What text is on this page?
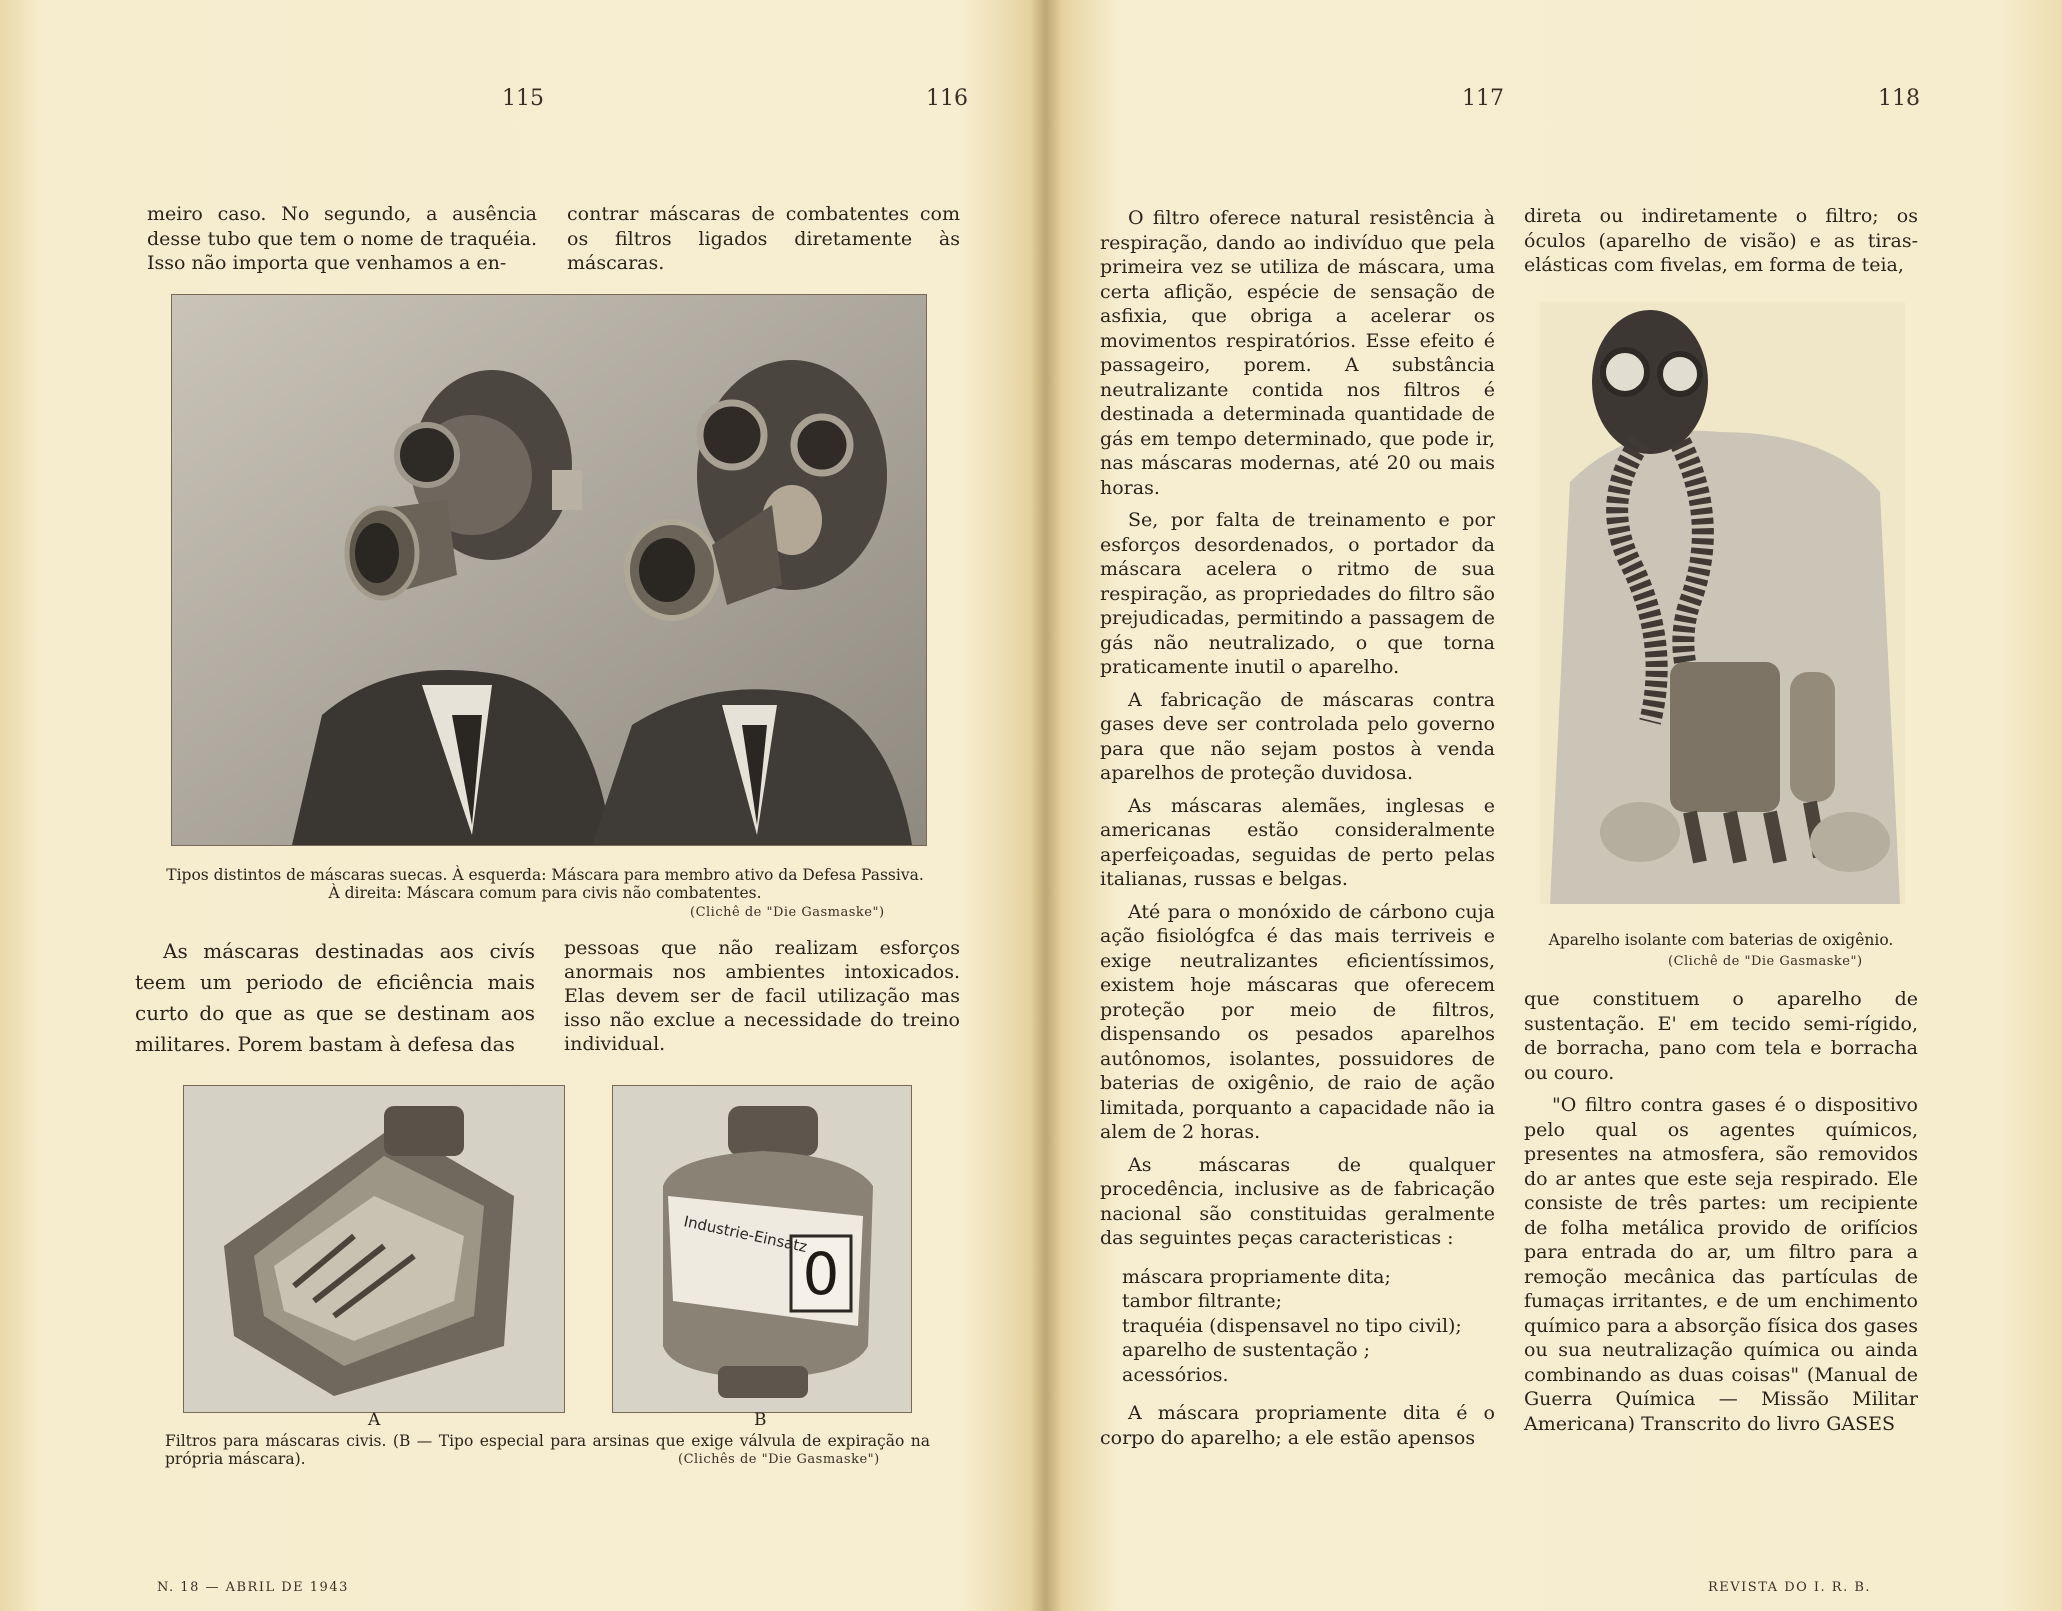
115	116	117	118

meiro caso. No segundo, a ausência desse tubo que tem o nome de traquéia. Isso não importa que venhamos a en-

contrar máscaras de combatentes com os filtros ligados diretamente às máscaras.

Tipos distintos de máscaras suecas. À esquerda: Máscara para membro ativo da Defesa Passiva. À direita: Máscara comum para civis não combatentes.
(Clichê de "Die Gasmaske")

As máscaras destinadas aos civís teem um periodo de eficiência mais curto do que as que se destinam aos militares. Porem bastam à defesa das

pessoas que não realizam esforços anormais nos ambientes intoxicados. Elas devem ser de facil utilização mas isso não exclue a necessidade do treino individual.

0
Industrie-Einsatz
A	B
Filtros para máscaras civis. (B — Tipo especial para arsinas que exige válvula de expiração na própria máscara).	(Clichês de "Die Gasmaske")
N. 18 — ABRIL DE 1943

O filtro oferece natural resistência à respiração, dando ao indivíduo que pela primeira vez se utiliza de máscara, uma certa aflição, espécie de sensação de asfixia, que obriga a acelerar os movimentos respiratórios. Esse efeito é passageiro, porem. A substância neutralizante contida nos filtros é destinada a determinada quantidade de gás em tempo determinado, que pode ir, nas máscaras modernas, até 20 ou mais horas.

Se, por falta de treinamento e por esforços desordenados, o portador da máscara acelera o ritmo de sua respiração, as propriedades do filtro são prejudicadas, permitindo a passagem de gás não neutralizado, o que torna praticamente inutil o aparelho.

A fabricação de máscaras contra gases deve ser controlada pelo governo para que não sejam postos à venda aparelhos de proteção duvidosa.

As máscaras alemães, inglesas e americanas estão consideralmente aperfeiçoadas, seguidas de perto pelas italianas, russas e belgas.

Até para o monóxido de cárbono cuja ação fisiológfca é das mais terriveis e exige neutralizantes eficientíssimos, existem hoje máscaras que oferecem proteção por meio de filtros, dispensando os pesados aparelhos autônomos, isolantes, possuidores de baterias de oxigênio, de raio de ação limitada, porquanto a capacidade não ia alem de 2 horas.

As máscaras de qualquer procedência, inclusive as de fabricação nacional são constituidas geralmente das seguintes peças caracteristicas :

máscara propriamente dita;
tambor filtrante;
traquéia (dispensavel no tipo civil);
aparelho de sustentação ;
acessórios.

A máscara propriamente dita é o corpo do aparelho; a ele estão apensos

direta ou indiretamente o filtro; os óculos (aparelho de visão) e as tiras-elásticas com fivelas, em forma de teia,

Aparelho isolante com baterias de oxigênio.
(Clichê de "Die Gasmaske")

que constituem o aparelho de sustentação. E' em tecido semi-rígido, de borracha, pano com tela e borracha ou couro.

"O filtro contra gases é o dispositivo pelo qual os agentes químicos, presentes na atmosfera, são removidos do ar antes que este seja respirado. Ele consiste de três partes: um recipiente de folha metálica provido de orifícios para entrada do ar, um filtro para a remoção mecânica das partículas de fumaças irritantes, e de um enchimento químico para a absorção física dos gases ou sua neutralização química ou ainda combinando as duas coisas" (Manual de Guerra Química — Missão Militar Americana) Transcrito do livro GASES

REVISTA DO I. R. B.
